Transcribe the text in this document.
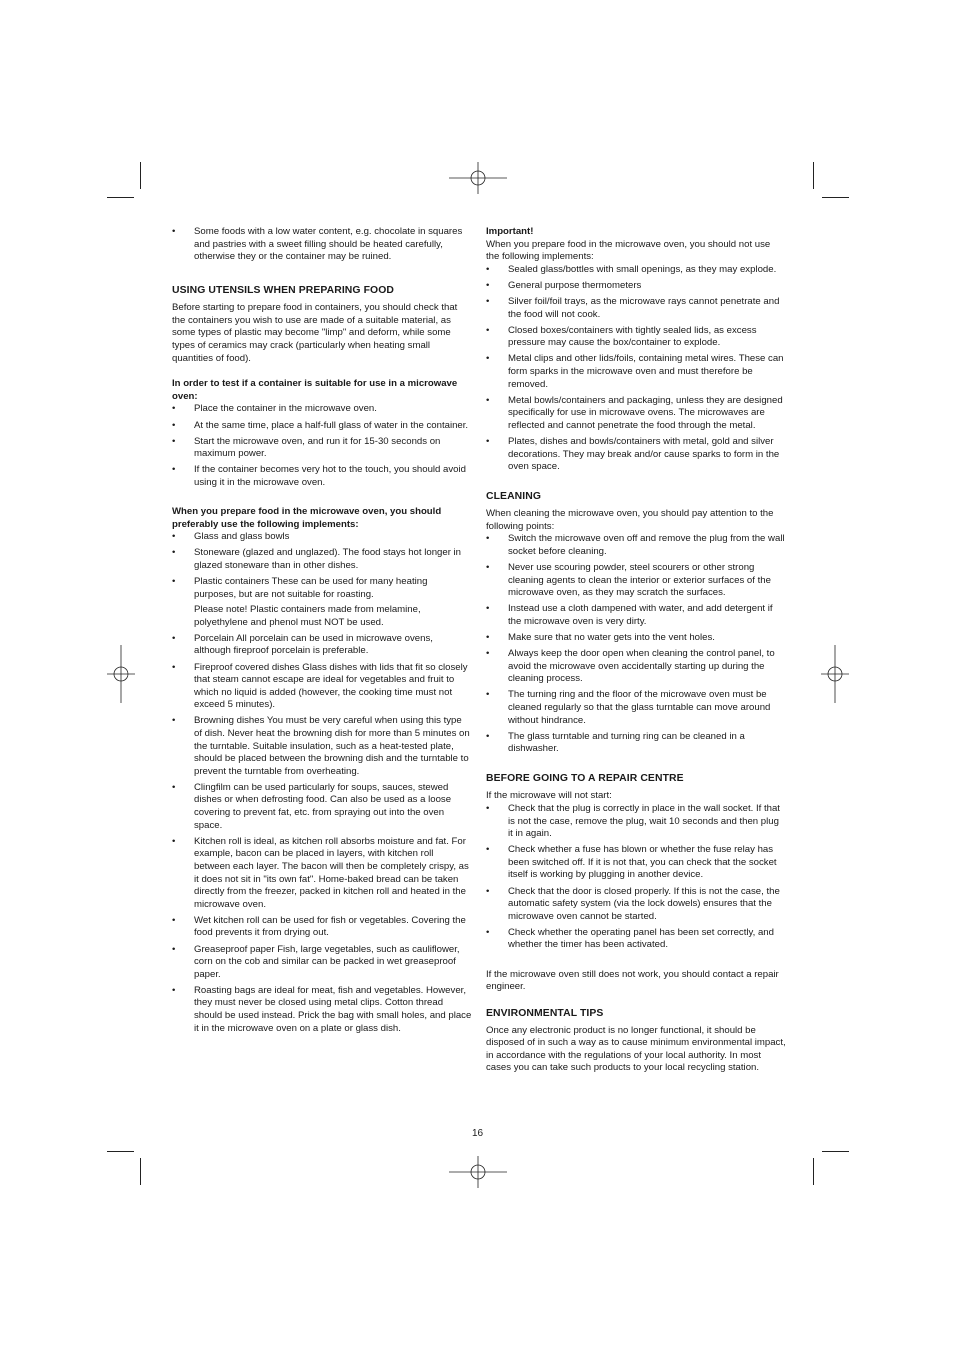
• Some foods with a low water content, e.g. chocolate in squares and pastries with a sweet filling should be heated carefully, otherwise they or the container may be ruined.
USING UTENSILS WHEN PREPARING FOOD

Before starting to prepare food in containers, you should check that the containers you wish to use are made of a suitable material, as some types of plastic may become "limp" and deform, while some types of ceramics may crack (particularly when heating small quantities of food).

In order to test if a container is suitable for use in a microwave oven:

• Place the container in the microwave oven.
• At the same time, place a half-full glass of water in the container.
• Start the microwave oven, and run it for 15-30 seconds on maximum power.
• If the container becomes very hot to the touch, you should avoid using it in the microwave oven.

When you prepare food in the microwave oven, you should preferably use the following implements:

• Glass and glass bowls
• Stoneware (glazed and unglazed). The food stays hot longer in glazed stoneware than in other dishes.
• Plastic containers These can be used for many heating purposes, but are not suitable for roasting.
Please note! Plastic containers made from melamine, polyethylene and phenol must NOT be used.
• Porcelain All porcelain can be used in microwave ovens, although fireproof porcelain is preferable.
• Fireproof covered dishes Glass dishes with lids that fit so closely that steam cannot escape are ideal for vegetables and fruit to which no liquid is added (however, the cooking time must not exceed 5 minutes).
• Browning dishes You must be very careful when using this type of dish. Never heat the browning dish for more than 5 minutes on the turntable. Suitable insulation, such as a heat-tested plate, should be placed between the browning dish and the turntable to prevent the turntable from overheating.
• Clingfilm can be used particularly for soups, sauces, stewed dishes or when defrosting food. Can also be used as a loose covering to prevent fat, etc. from spraying out into the oven space.
• Kitchen roll is ideal, as kitchen roll absorbs moisture and fat. For example, bacon can be placed in layers, with kitchen roll between each layer. The bacon will then be completely crispy, as it does not sit in "its own fat". Home-baked bread can be taken directly from the freezer, packed in kitchen roll and heated in the microwave oven.
• Wet kitchen roll can be used for fish or vegetables. Covering the food prevents it from drying out.
• Greaseproof paper Fish, large vegetables, such as cauliflower, corn on the cob and similar can be packed in wet greaseproof paper.
• Roasting bags are ideal for meat, fish and vegetables. However, they must never be closed using metal clips. Cotton thread should be used instead. Prick the bag with small holes, and place it in the microwave oven on a plate or glass dish.

Important!

When you prepare food in the microwave oven, you should not use the following implements:

• Sealed glass/bottles with small openings, as they may explode.
• General purpose thermometers
• Silver foil/foil trays, as the microwave rays cannot penetrate and the food will not cook.
• Closed boxes/containers with tightly sealed lids, as excess pressure may cause the box/container to explode.
• Metal clips and other lids/foils, containing metal wires. These can form sparks in the microwave oven and must therefore be removed.
• Metal bowls/containers and packaging, unless they are designed specifically for use in microwave ovens. The microwaves are reflected and cannot penetrate the food through the metal.
• Plates, dishes and bowls/containers with metal, gold and silver decorations. They may break and/or cause sparks to form in the oven space.
CLEANING

When cleaning the microwave oven, you should pay attention to the following points:

• Switch the microwave oven off and remove the plug from the wall socket before cleaning.
• Never use scouring powder, steel scourers or other strong cleaning agents to clean the interior or exterior surfaces of the microwave oven, as they may scratch the surfaces.
• Instead use a cloth dampened with water, and add detergent if the microwave oven is very dirty.
• Make sure that no water gets into the vent holes.
• Always keep the door open when cleaning the control panel, to avoid the microwave oven accidentally starting up during the cleaning process.
• The turning ring and the floor of the microwave oven must be cleaned regularly so that the glass turntable can move around without hindrance.
• The glass turntable and turning ring can be cleaned in a dishwasher.
BEFORE GOING TO A REPAIR CENTRE

If the microwave will not start:

• Check that the plug is correctly in place in the wall socket. If that is not the case, remove the plug, wait 10 seconds and then plug it in again.
• Check whether a fuse has blown or whether the fuse relay has been switched off. If it is not that, you can check that the socket itself is working by plugging in another device.
• Check that the door is closed properly. If this is not the case, the automatic safety system (via the lock dowels) ensures that the microwave oven cannot be started.
• Check whether the operating panel has been set correctly, and whether the timer has been activated.

If the microwave oven still does not work, you should contact a repair engineer.

ENVIRONMENTAL TIPS

Once any electronic product is no longer functional, it should be disposed of in such a way as to cause minimum environmental impact, in accordance with the regulations of your local authority. In most cases you can take such products to your local recycling station.

16
